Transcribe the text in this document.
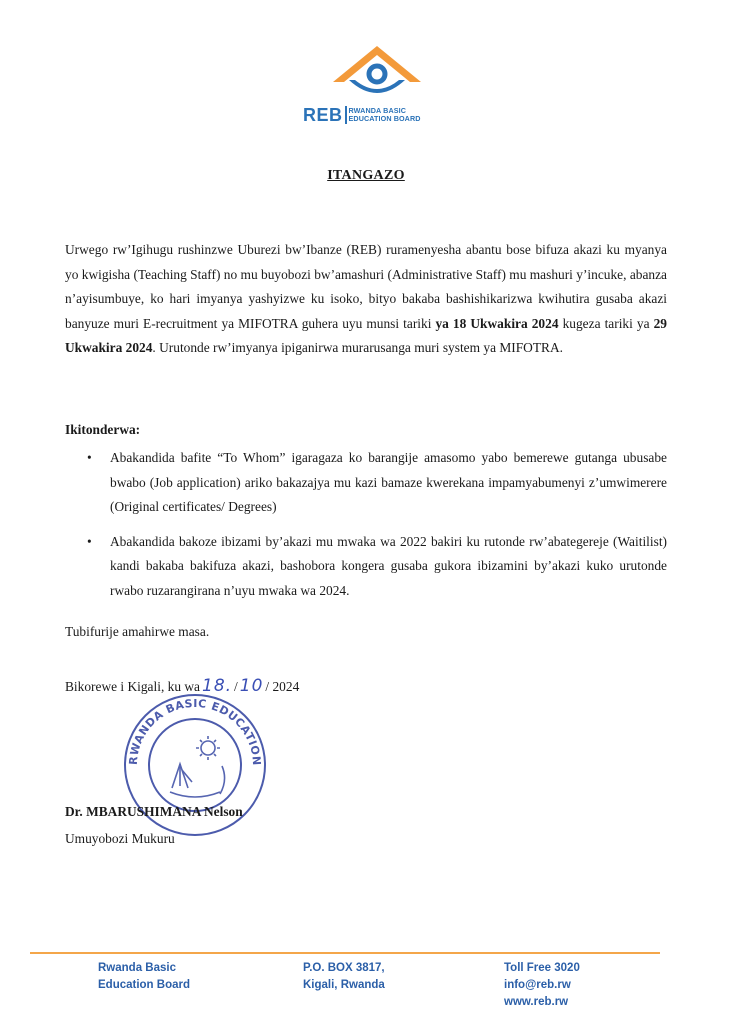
REB RWANDA BASIC
EDUCATION BOARD
ITANGAZO

Urwego rw’Igihugu rushinzwe Uburezi bw’Ibanze (REB) ruramenyesha abantu bose bifuza akazi ku myanya yo kwigisha (Teaching Staff) no mu buyobozi bw’amashuri (Administrative Staff) mu mashuri y’incuke, abanza n’ayisumbuye, ko hari imyanya yashyizwe ku isoko, bityo bakaba bashishikarizwa kwihutira gusaba akazi banyuze muri E-recruitment ya MIFOTRA guhera uyu munsi tariki ya 18 Ukwakira 2024 kugeza tariki ya 29 Ukwakira 2024. Urutonde rw’imyanya ipiganirwa murarusanga muri system ya MIFOTRA.

Ikitonderwa:
• Abakandida bafite “To Whom” igaragaza ko barangije amasomo yabo bemerewe gutanga ubusabe bwabo (Job application) ariko bakazajya mu kazi bamaze kwerekana impamyabumenyi z’umwimerere (Original certificates/ Degrees)
• Abakandida bakoze ibizami by’akazi mu mwaka wa 2022 bakiri ku rutonde rw’abategereje (Waitilist) kandi bakaba bakifuza akazi, bashobora kongera gusaba gukora ibizamini by’akazi kuko urutonde rwabo ruzarangirana n’uyu mwaka wa 2024.
Tubifurije amahirwe masa.
Bikorewe i Kigali, ku wa 18. / 10 / 2024
RWANDA BASIC EDUCATION
Dr. MBARUSHIMANA Nelson
Umuyobozi Mukuru
Rwanda Basic
Education Board
P.O. BOX 3817,
Kigali, Rwanda
Toll Free 3020
info@reb.rw
www.reb.rw
